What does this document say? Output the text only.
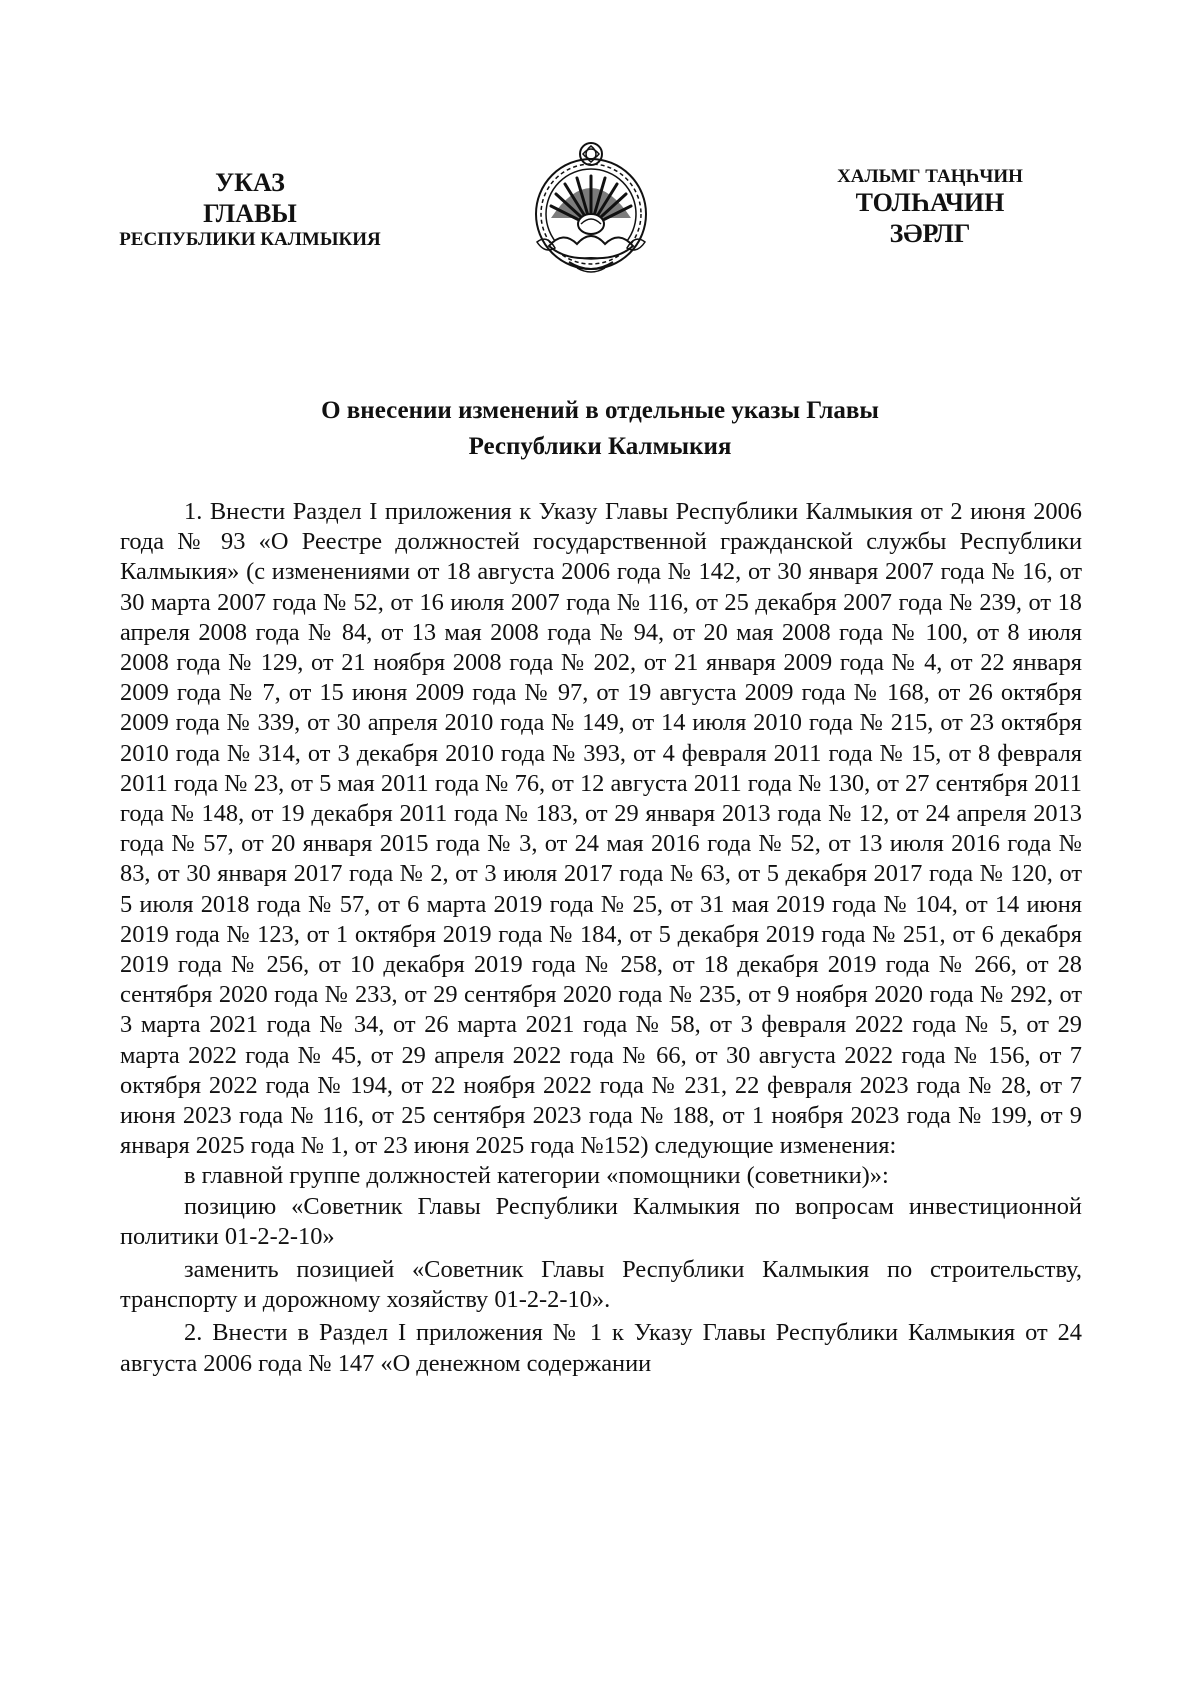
УКАЗ
ГЛАВЫ
РЕСПУБЛИКИ КАЛМЫКИЯ
ХАЛЬМГ ТАҢҺЧИН
ТОЛҺАЧИН
ЗӘРЛГ
О внесении изменений в отдельные указы Главы
Республики Калмыкия

1. Внести Раздел I приложения к Указу Главы Республики Калмыкия от 2 июня 2006 года № 93 «О Реестре должностей государственной гражданской службы Республики Калмыкия» (с изменениями от 18 августа 2006 года № 142, от 30 января 2007 года № 16, от 30 марта 2007 года № 52, от 16 июля 2007 года № 116, от 25 декабря 2007 года № 239, от 18 апреля 2008 года № 84, от 13 мая 2008 года № 94, от 20 мая 2008 года № 100, от 8 июля 2008 года № 129, от 21 ноября 2008 года № 202, от 21 января 2009 года № 4, от 22 января 2009 года № 7, от 15 июня 2009 года № 97, от 19 августа 2009 года № 168, от 26 октября 2009 года № 339, от 30 апреля 2010 года № 149, от 14 июля 2010 года № 215, от 23 октября 2010 года № 314, от 3 декабря 2010 года № 393, от 4 февраля 2011 года № 15, от 8 февраля 2011 года № 23, от 5 мая 2011 года № 76, от 12 августа 2011 года № 130, от 27 сентября 2011 года № 148, от 19 декабря 2011 года № 183, от 29 января 2013 года № 12, от 24 апреля 2013 года № 57, от 20 января 2015 года № 3, от 24 мая 2016 года № 52, от 13 июля 2016 года № 83, от 30 января 2017 года № 2, от 3 июля 2017 года № 63, от 5 декабря 2017 года № 120, от 5 июля 2018 года № 57, от 6 марта 2019 года № 25, от 31 мая 2019 года № 104, от 14 июня 2019 года № 123, от 1 октября 2019 года № 184, от 5 декабря 2019 года № 251, от 6 декабря 2019 года № 256, от 10 декабря 2019 года № 258, от 18 декабря 2019 года № 266, от 28 сентября 2020 года № 233, от 29 сентября 2020 года № 235, от 9 ноября 2020 года № 292, от 3 марта 2021 года № 34, от 26 марта 2021 года № 58, от 3 февраля 2022 года № 5, от 29 марта 2022 года № 45, от 29 апреля 2022 года № 66, от 30 августа 2022 года № 156, от 7 октября 2022 года № 194, от 22 ноября 2022 года № 231, 22 февраля 2023 года № 28, от 7 июня 2023 года № 116, от 25 сентября 2023 года № 188, от 1 ноября 2023 года № 199, от 9 января 2025 года № 1, от 23 июня 2025 года №152) следующие изменения:

в главной группе должностей категории «помощники (советники)»:

позицию «Советник Главы Республики Калмыкия по вопросам инвестиционной политики 01-2-2-10»

заменить позицией «Советник Главы Республики Калмыкия по строительству, транспорту и дорожному хозяйству 01-2-2-10».

2. Внести в Раздел I приложения № 1 к Указу Главы Республики Калмыкия от 24 августа 2006 года № 147 «О денежном содержании
